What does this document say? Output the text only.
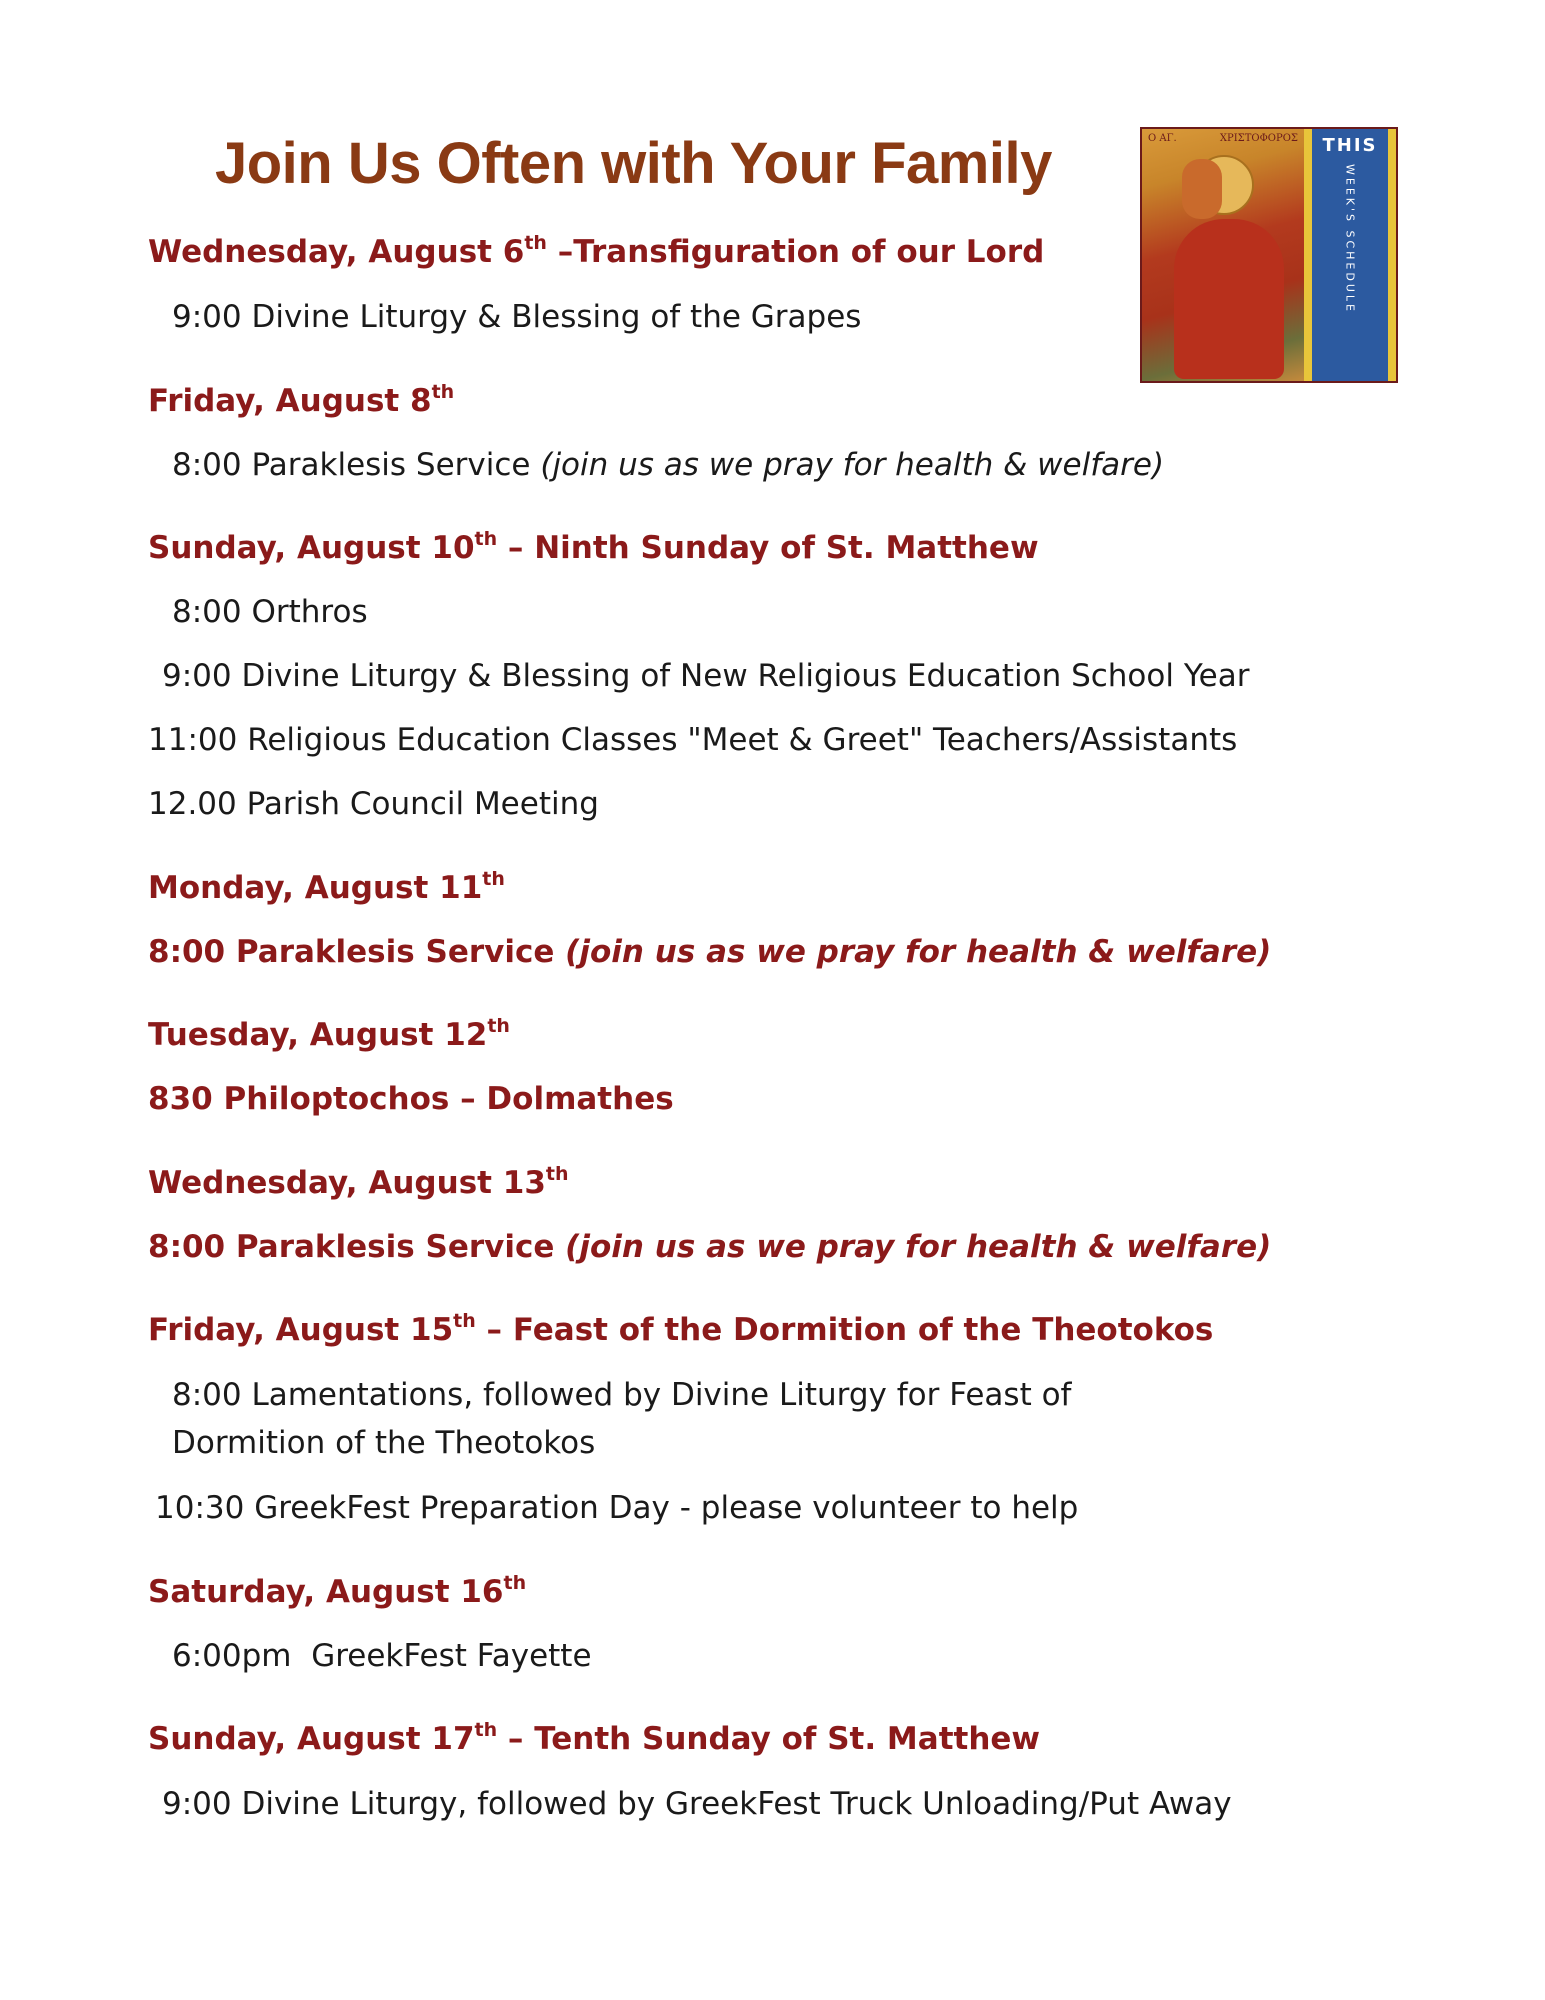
Join Us Often with Your Family	Ο ΑΓ.	ΧΡΙΣΤΟΦΟΡΟΣ THIS
WEEK'S SCHEDULE
Wednesday, August 6th –Transfiguration of our Lord
9:00 Divine Liturgy & Blessing of the Grapes
Friday, August 8th
8:00 Paraklesis Service (join us as we pray for health & welfare)
Sunday, August 10th – Ninth Sunday of St. Matthew
8:00 Orthros
9:00 Divine Liturgy & Blessing of New Religious Education School Year
11:00 Religious Education Classes "Meet & Greet" Teachers/Assistants
12.00 Parish Council Meeting
Monday, August 11th
8:00 Paraklesis Service (join us as we pray for health & welfare)
Tuesday, August 12th
830 Philoptochos – Dolmathes
Wednesday, August 13th
8:00 Paraklesis Service (join us as we pray for health & welfare)
Friday, August 15th – Feast of the Dormition of the Theotokos
8:00 Lamentations, followed by Divine Liturgy for Feast of
Dormition of the Theotokos
10:30 GreekFest Preparation Day - please volunteer to help
Saturday, August 16th
6:00pm  GreekFest Fayette
Sunday, August 17th – Tenth Sunday of St. Matthew
9:00 Divine Liturgy, followed by GreekFest Truck Unloading/Put Away
